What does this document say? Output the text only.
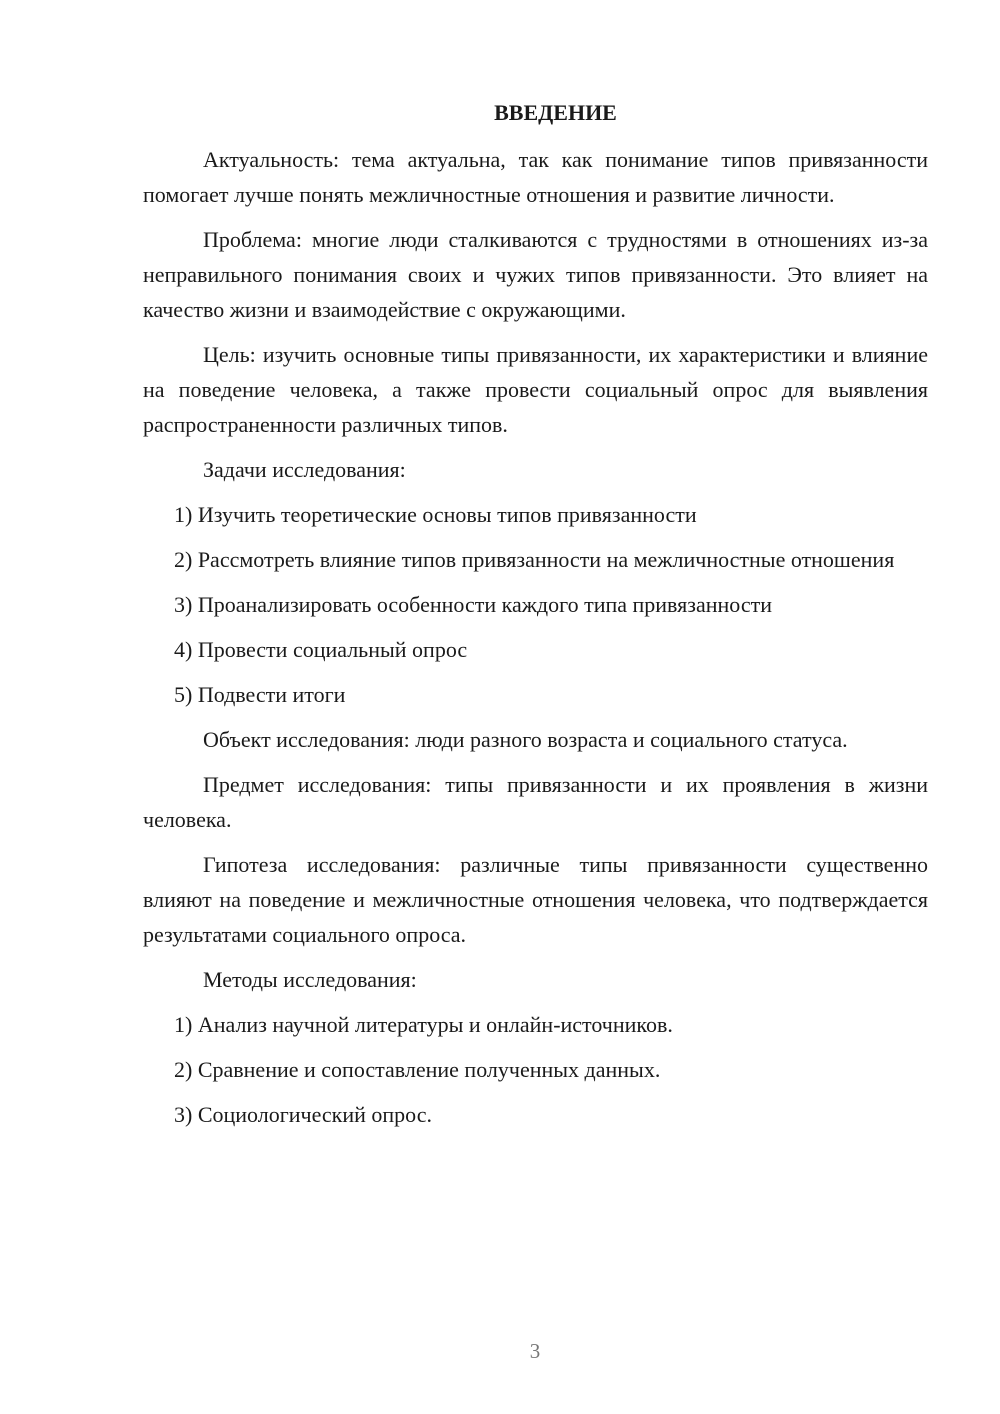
ВВЕДЕНИЕ

Актуальность: тема актуальна, так как понимание типов привязанности помогает лучше понять межличностные отношения и развитие личности.

Проблема: многие люди сталкиваются с трудностями в отношениях из-за неправильного понимания своих и чужих типов привязанности. Это влияет на качество жизни и взаимодействие с окружающими.

Цель: изучить основные типы привязанности, их характеристики и влияние на поведение человека, а также провести социальный опрос для выявления распространенности различных типов.

Задачи исследования:

1) Изучить теоретические основы типов привязанности

2) Рассмотреть влияние типов привязанности на межличностные отношения

3) Проанализировать особенности каждого типа привязанности

4) Провести социальный опрос

5) Подвести итоги

Объект исследования: люди разного возраста и социального статуса.

Предмет исследования: типы привязанности и их проявления в жизни человека.

Гипотеза исследования: различные типы привязанности существенно влияют на поведение и межличностные отношения человека, что подтверждается результатами социального опроса.

Методы исследования:

1) Анализ научной литературы и онлайн-источников.

2) Сравнение и сопоставление полученных данных.

3) Социологический опрос.

3
